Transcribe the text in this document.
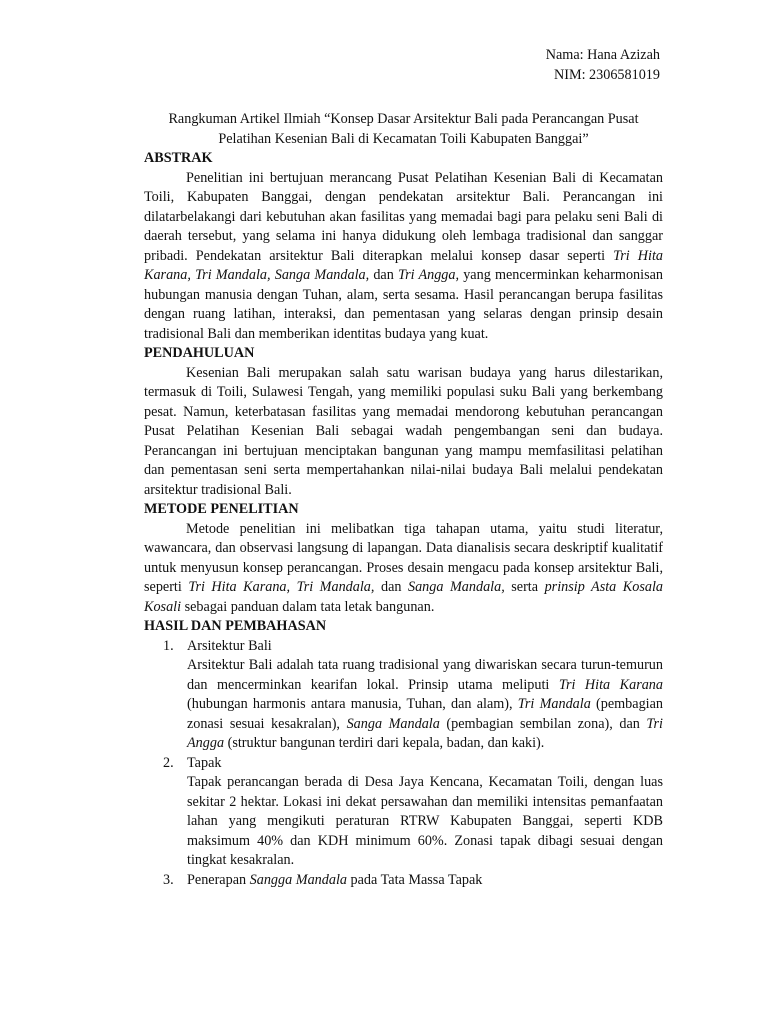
Nama: Hana Azizah
NIM: 2306581019
Rangkuman Artikel Ilmiah “Konsep Dasar Arsitektur Bali pada Perancangan Pusat
Pelatihan Kesenian Bali di Kecamatan Toili Kabupaten Banggai”
ABSTRAK

Penelitian ini bertujuan merancang Pusat Pelatihan Kesenian Bali di Kecamatan Toili, Kabupaten Banggai, dengan pendekatan arsitektur Bali. Perancangan ini dilatarbelakangi dari kebutuhan akan fasilitas yang memadai bagi para pelaku seni Bali di daerah tersebut, yang selama ini hanya didukung oleh lembaga tradisional dan sanggar pribadi. Pendekatan arsitektur Bali diterapkan melalui konsep dasar seperti Tri Hita Karana, Tri Mandala, Sanga Mandala, dan Tri Angga, yang mencerminkan keharmonisan hubungan manusia dengan Tuhan, alam, serta sesama. Hasil perancangan berupa fasilitas dengan ruang latihan, interaksi, dan pementasan yang selaras dengan prinsip desain tradisional Bali dan memberikan identitas budaya yang kuat.

PENDAHULUAN

Kesenian Bali merupakan salah satu warisan budaya yang harus dilestarikan, termasuk di Toili, Sulawesi Tengah, yang memiliki populasi suku Bali yang berkembang pesat. Namun, keterbatasan fasilitas yang memadai mendorong kebutuhan perancangan Pusat Pelatihan Kesenian Bali sebagai wadah pengembangan seni dan budaya. Perancangan ini bertujuan menciptakan bangunan yang mampu memfasilitasi pelatihan dan pementasan seni serta mempertahankan nilai-nilai budaya Bali melalui pendekatan arsitektur tradisional Bali.

METODE PENELITIAN

Metode penelitian ini melibatkan tiga tahapan utama, yaitu studi literatur, wawancara, dan observasi langsung di lapangan. Data dianalisis secara deskriptif kualitatif untuk menyusun konsep perancangan. Proses desain mengacu pada konsep arsitektur Bali, seperti Tri Hita Karana, Tri Mandala, dan Sanga Mandala, serta prinsip Asta Kosala Kosali sebagai panduan dalam tata letak bangunan.

HASIL DAN PEMBAHASAN
1. Arsitektur Bali
Arsitektur Bali adalah tata ruang tradisional yang diwariskan secara turun-temurun dan mencerminkan kearifan lokal. Prinsip utama meliputi Tri Hita Karana (hubungan harmonis antara manusia, Tuhan, dan alam), Tri Mandala (pembagian zonasi sesuai kesakralan), Sanga Mandala (pembagian sembilan zona), dan Tri Angga (struktur bangunan terdiri dari kepala, badan, dan kaki).
2. Tapak
Tapak perancangan berada di Desa Jaya Kencana, Kecamatan Toili, dengan luas sekitar 2 hektar. Lokasi ini dekat persawahan dan memiliki intensitas pemanfaatan lahan yang mengikuti peraturan RTRW Kabupaten Banggai, seperti KDB maksimum 40% dan KDH minimum 60%. Zonasi tapak dibagi sesuai dengan tingkat kesakralan.
3. Penerapan Sangga Mandala pada Tata Massa Tapak
